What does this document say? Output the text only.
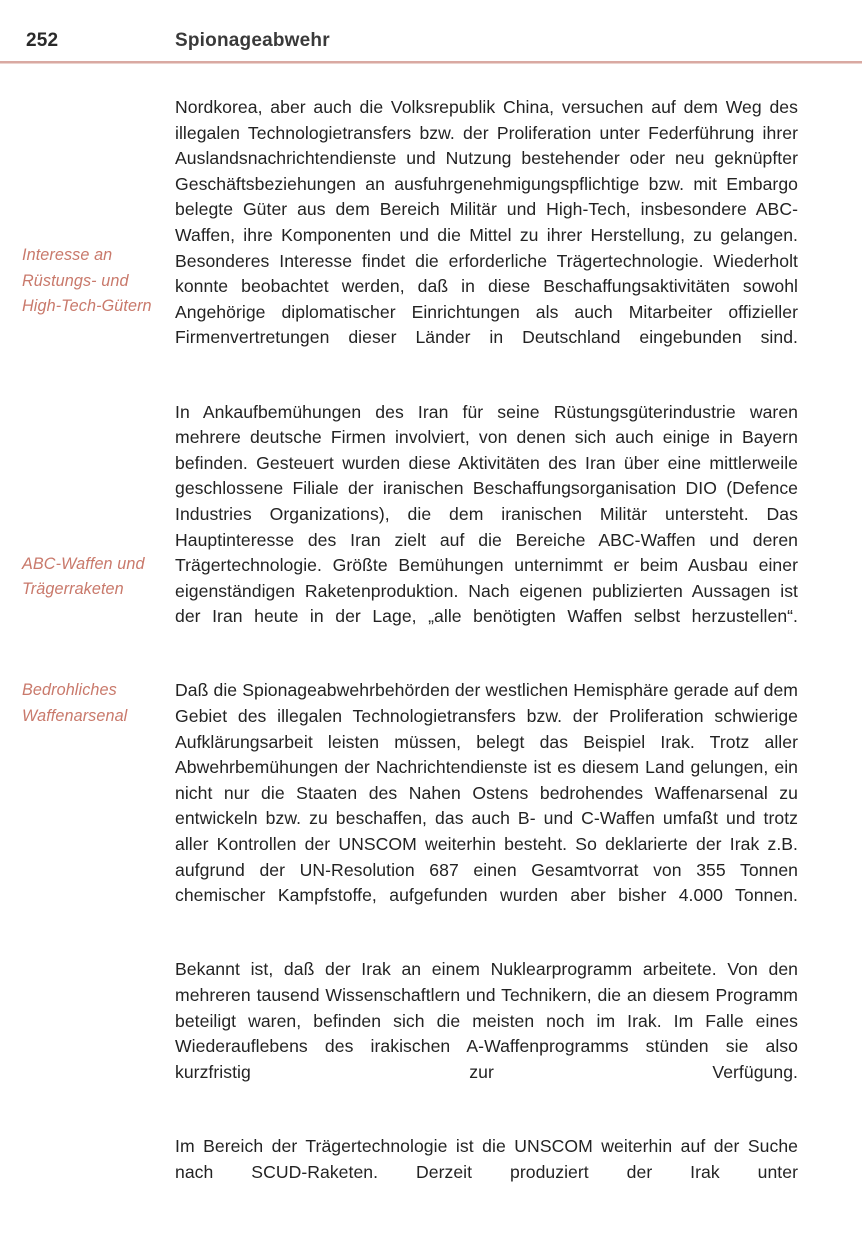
252	Spionageabwehr
Interesse an
Rüstungs- und
High-Tech-Gütern

Nordkorea, aber auch die Volksrepublik China, versuchen auf dem Weg des illegalen Technologietransfers bzw. der Proliferation unter Federführung ihrer Auslandsnachrichtendienste und Nutzung bestehender oder neu geknüpfter Geschäftsbeziehungen an ausfuhrgenehmigungspflichtige bzw. mit Embargo belegte Güter aus dem Bereich Militär und High-Tech, insbesondere ABC-Waffen, ihre Komponenten und die Mittel zu ihrer Herstellung, zu gelangen. Besonderes Interesse findet die erforderliche Trägertechnologie. Wiederholt konnte beobachtet werden, daß in diese Beschaffungsaktivitäten sowohl Angehörige diplomatischer Einrichtungen als auch Mitarbeiter offizieller Firmenvertretungen dieser Länder in Deutschland eingebunden sind.

ABC-Waffen und
Trägerraketen

In Ankaufbemühungen des Iran für seine Rüstungsgüterindustrie waren mehrere deutsche Firmen involviert, von denen sich auch einige in Bayern befinden. Gesteuert wurden diese Aktivitäten des Iran über eine mittlerweile geschlossene Filiale der iranischen Beschaffungsorganisation DIO (Defence Industries Organizations), die dem iranischen Militär untersteht. Das Hauptinteresse des Iran zielt auf die Bereiche ABC-Waffen und deren Trägertechnologie. Größte Bemühungen unternimmt er beim Ausbau einer eigenständigen Raketenproduktion. Nach eigenen publizierten Aussagen ist der Iran heute in der Lage, „alle benötigten Waffen selbst herzustellen“.

Bedrohliches
Waffenarsenal

Daß die Spionageabwehrbehörden der westlichen Hemisphäre gerade auf dem Gebiet des illegalen Technologietransfers bzw. der Proliferation schwierige Aufklärungsarbeit leisten müssen, belegt das Beispiel Irak. Trotz aller Abwehrbemühungen der Nachrichtendienste ist es diesem Land gelungen, ein nicht nur die Staaten des Nahen Ostens bedrohendes Waffenarsenal zu entwickeln bzw. zu beschaffen, das auch B- und C-Waffen umfaßt und trotz aller Kontrollen der UNSCOM weiterhin besteht. So deklarierte der Irak z.B. aufgrund der UN-Resolution 687 einen Gesamtvorrat von 355 Tonnen chemischer Kampfstoffe, aufgefunden wurden aber bisher 4.000 Tonnen.

Bekannt ist, daß der Irak an einem Nuklearprogramm arbeitete. Von den mehreren tausend Wissenschaftlern und Technikern, die an diesem Programm beteiligt waren, befinden sich die meisten noch im Irak. Im Falle eines Wiederauflebens des irakischen A-Waffenprogramms stünden sie also kurzfristig zur Verfügung.

Im Bereich der Trägertechnologie ist die UNSCOM weiterhin auf der Suche nach SCUD-Raketen. Derzeit produziert der Irak unter
